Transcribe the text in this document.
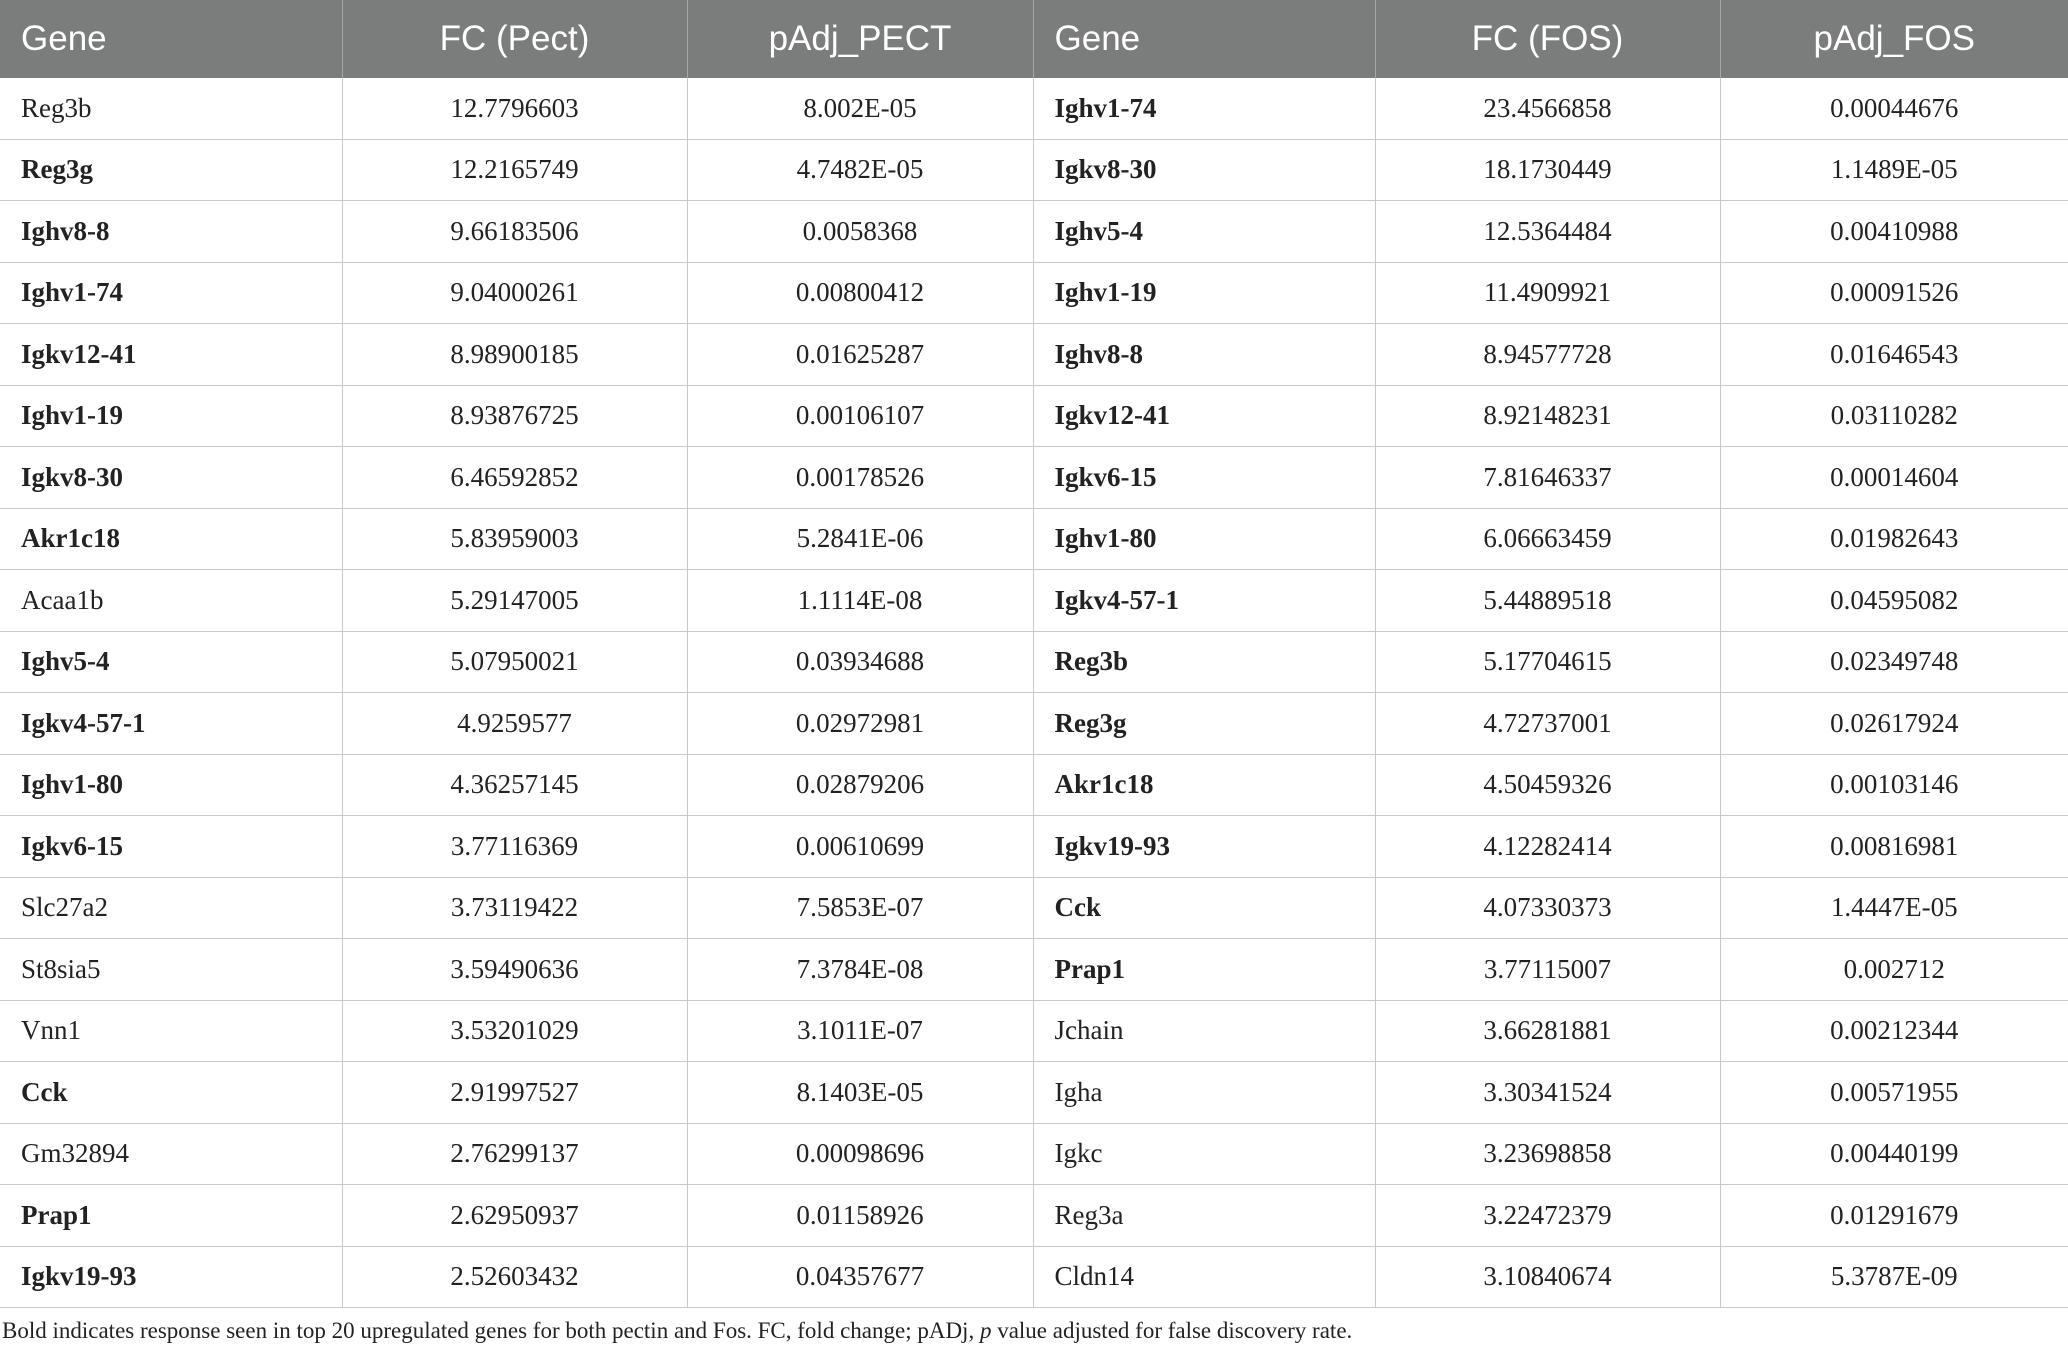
Gene	FC (Pect)	pAdj_PECT	Gene	FC (FOS)	pAdj_FOS
Reg3b	12.7796603	8.002E-05	Ighv1-74	23.4566858	0.00044676
Reg3g	12.2165749	4.7482E-05	Igkv8-30	18.1730449	1.1489E-05
Ighv8-8	9.66183506	0.0058368	Ighv5-4	12.5364484	0.00410988
Ighv1-74	9.04000261	0.00800412	Ighv1-19	11.4909921	0.00091526
Igkv12-41	8.98900185	0.01625287	Ighv8-8	8.94577728	0.01646543
Ighv1-19	8.93876725	0.00106107	Igkv12-41	8.92148231	0.03110282
Igkv8-30	6.46592852	0.00178526	Igkv6-15	7.81646337	0.00014604
Akr1c18	5.83959003	5.2841E-06	Ighv1-80	6.06663459	0.01982643
Acaa1b	5.29147005	1.1114E-08	Igkv4-57-1	5.44889518	0.04595082
Ighv5-4	5.07950021	0.03934688	Reg3b	5.17704615	0.02349748
Igkv4-57-1	4.9259577	0.02972981	Reg3g	4.72737001	0.02617924
Ighv1-80	4.36257145	0.02879206	Akr1c18	4.50459326	0.00103146
Igkv6-15	3.77116369	0.00610699	Igkv19-93	4.12282414	0.00816981
Slc27a2	3.73119422	7.5853E-07	Cck	4.07330373	1.4447E-05
St8sia5	3.59490636	7.3784E-08	Prap1	3.77115007	0.002712
Vnn1	3.53201029	3.1011E-07	Jchain	3.66281881	0.00212344
Cck	2.91997527	8.1403E-05	Igha	3.30341524	0.00571955
Gm32894	2.76299137	0.00098696	Igkc	3.23698858	0.00440199
Prap1	2.62950937	0.01158926	Reg3a	3.22472379	0.01291679
Igkv19-93	2.52603432	0.04357677	Cldn14	3.10840674	5.3787E-09
Bold indicates response seen in top 20 upregulated genes for both pectin and Fos. FC, fold change; pADj, p value adjusted for false discovery rate.
